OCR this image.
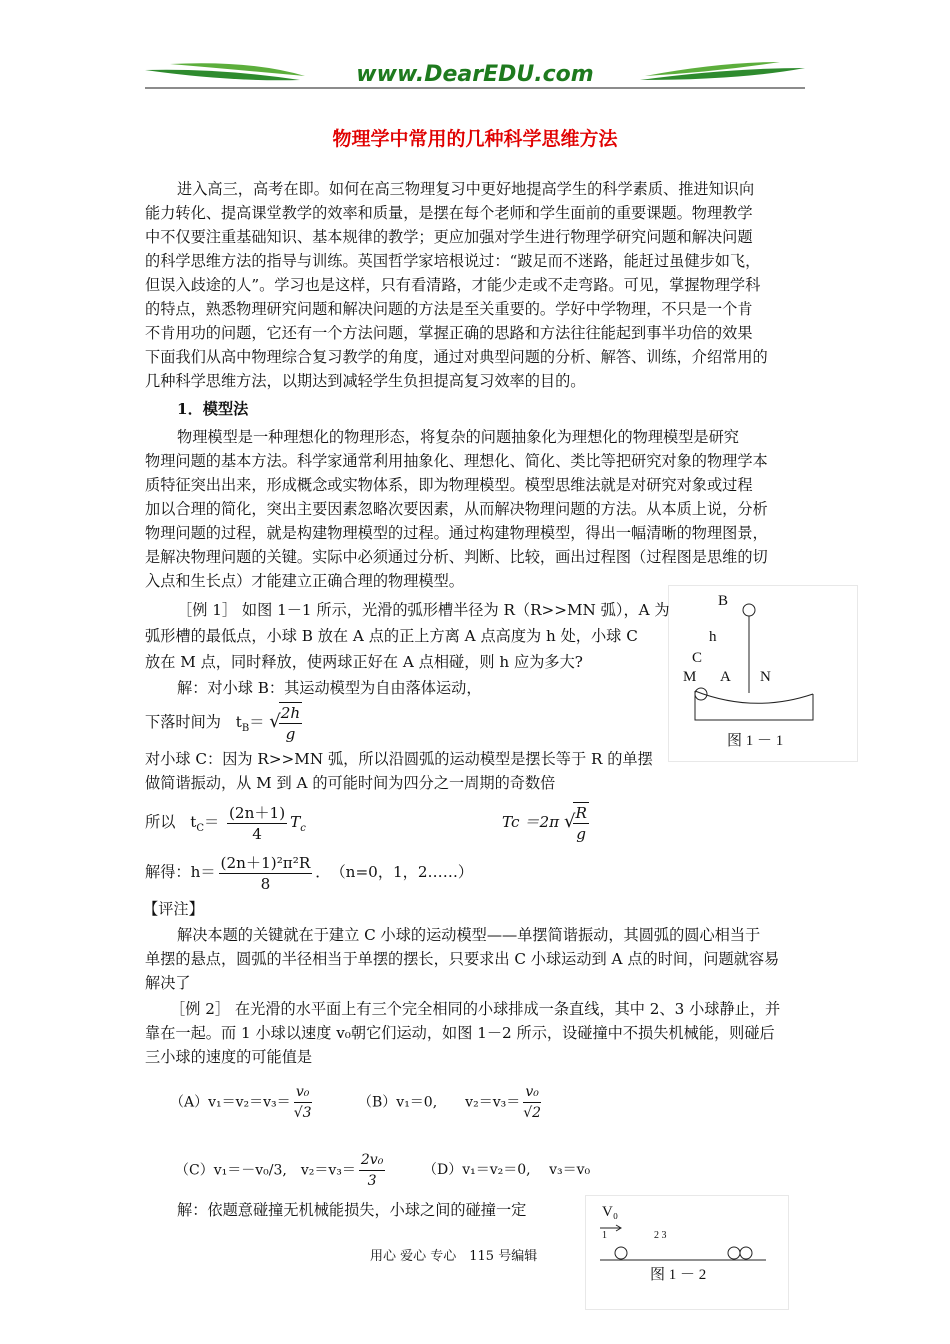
www.DearEDU.com
物理学中常用的几种科学思维方法
进入高三，高考在即。如何在高三物理复习中更好地提高学生的科学素质、推进知识向
能力转化、提高课堂教学的效率和质量，是摆在每个老师和学生面前的重要课题。物理教学
中不仅要注重基础知识、基本规律的教学；更应加强对学生进行物理学研究问题和解决问题
的科学思维方法的指导与训练。英国哲学家培根说过：“跛足而不迷路，能赶过虽健步如飞，
但误入歧途的人”。学习也是这样，只有看清路，才能少走或不走弯路。可见，掌握物理学科
的特点，熟悉物理研究问题和解决问题的方法是至关重要的。学好中学物理，不只是一个肯
不肯用功的问题，它还有一个方法问题，掌握正确的思路和方法往往能起到事半功倍的效果
下面我们从高中物理综合复习教学的角度，通过对典型问题的分析、解答、训练，介绍常用的
几种科学思维方法，以期达到减轻学生负担提高复习效率的目的。
1．模型法
物理模型是一种理想化的物理形态，将复杂的问题抽象化为理想化的物理模型是研究
物理问题的基本方法。科学家通常利用抽象化、理想化、简化、类比等把研究对象的物理学本
质特征突出出来，形成概念或实物体系，即为物理模型。模型思维法就是对研究对象或过程
加以合理的简化，突出主要因素忽略次要因素，从而解决物理问题的方法。从本质上说，分析
物理问题的过程，就是构建物理模型的过程。通过构建物理模型，得出一幅清晰的物理图景，
是解决物理问题的关键。实际中必须通过分析、判断、比较，画出过程图（过程图是思维的切
入点和生长点）才能建立正确合理的物理模型。
B
h
C
M A N
图 1 － 1
［例 1］ 如图 1－1 所示，光滑的弧形槽半径为 R（R>>MN 弧），A 为
弧形槽的最低点，小球 B 放在 A 点的正上方离 A 点高度为 h 处，小球 C
放在 M 点，同时释放，使两球正好在 A 点相碰，则 h 应为多大?
解：对小球 B：其运动模型为自由落体运动，
下落时间为 $t_B=$ √
$\frac{2h}{g}$
对小球 C：因为 R>>MN 弧，所以沿圆弧的运动模型是摆长等于 R 的单摆
做简谐振动，从 M 到 A 的可能时间为四分之一周期的奇数倍
所以 $t_C= \frac{(2n+1)}{4} T_c$	Tc ＝2π √
$\frac{R}{g}$
解得：$h= \frac{\text{(2n＋1)²π²R}}{8}$ ．　（n=0，1，2……）
【评注】
解决本题的关键就在于建立 C 小球的运动模型——单摆简谐振动，其圆弧的圆心相当于
单摆的悬点，圆弧的半径相当于单摆的摆长，只要求出 C 小球运动到 A 点的时间，问题就容易
解决了
［例 2］ 在光滑的水平面上有三个完全相同的小球排成一条直线，其中 2、3 小球静止，并
靠在一起。而 1 小球以速度 v₀朝它们运动，如图 1－2 所示，设碰撞中不损失机械能，则碰后
三小球的速度的可能值是
$(A)v_1=v_2=v_3= \frac{\text{v₀}}{√3}$	（B）v₁＝0,　　$v_2=v_3= \frac{\text{v₀}}{√2}$
（C）v₁＝－v₀/3,　$v_2=v_3= \frac{\text{2v₀}}{3}$	（D）v₁＝v₂＝0,　 v₃＝v₀
解：依题意碰撞无机械能损失，小球之间的碰撞一定	V₀
1	2 3
图 1 － 2
用心 爱心 专心　115 号编辑
